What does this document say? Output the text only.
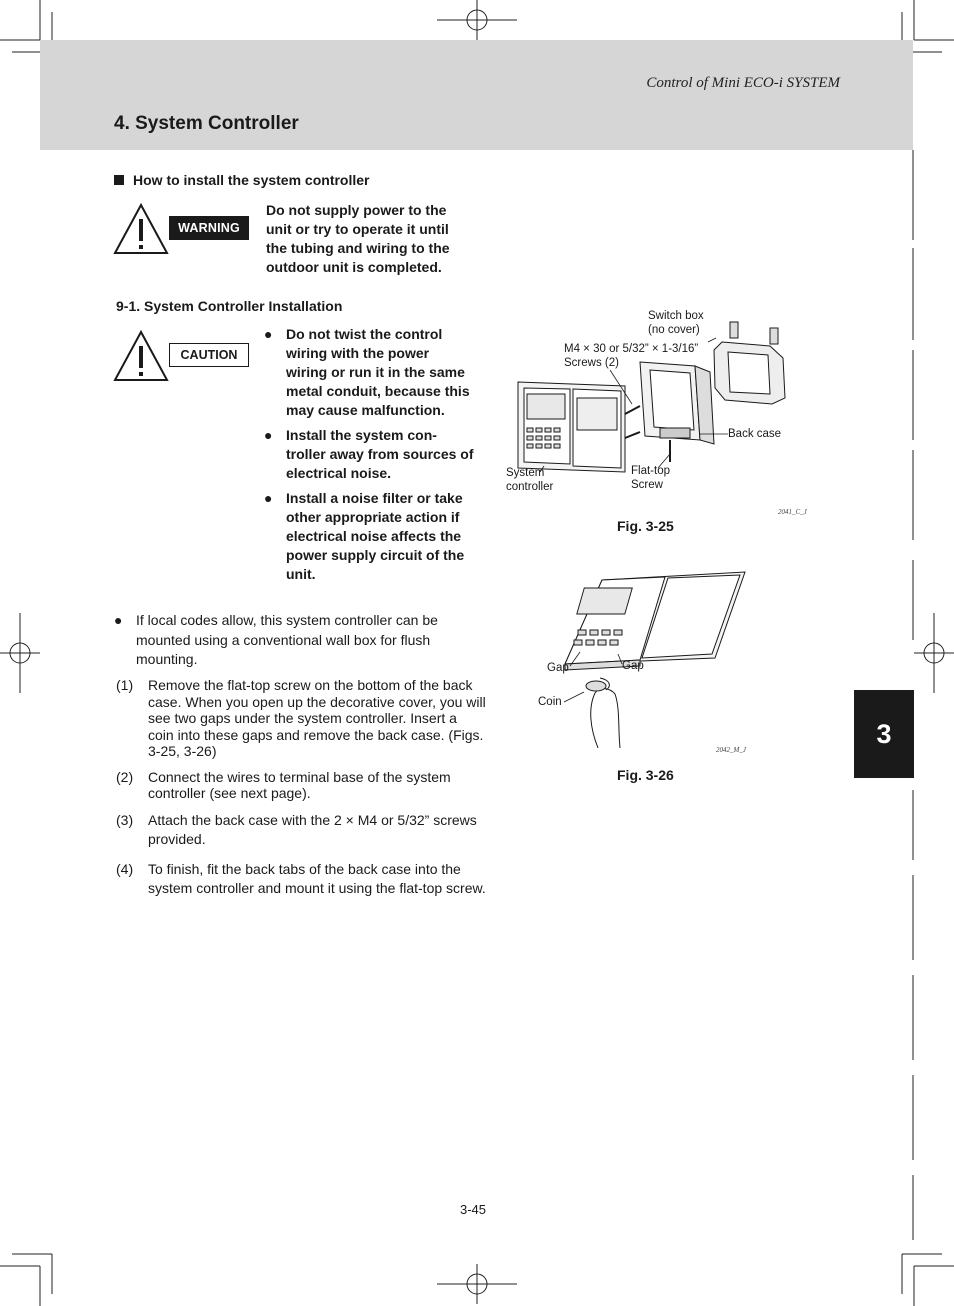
Control of Mini ECO-i SYSTEM
4. System Controller
How to install the system controller
WARNING
Do not supply power to the unit or try to operate it until the tubing and wiring to the outdoor unit is completed.
9-1. System Controller Installation
CAUTION
● Do not twist the control wiring with the power wiring or run it in the same metal conduit, because this may cause malfunction.
● Install the system con-troller away from sources of electrical noise.
● Install a noise filter or take other appropriate action if electrical noise affects the power supply circuit of the unit.
● If local codes allow, this system controller can be mounted using a conventional wall box for flush mounting.
(1) Remove the flat-top screw on the bottom of the back case. When you open up the decorative cover, you will see two gaps under the system controller. Insert a coin into these gaps and remove the back case. (Figs. 3-25, 3-26)
(2) Connect the wires to terminal base of the system controller (see next page).
(3) Attach the back case with the 2 × M4 or 5/32” screws provided.
(4) To finish, fit the back tabs of the back case into the system controller and mount it using the flat-top screw.
Switch box
(no cover)
M4 × 30 or 5/32” × 1-3/16”
Screws (2)
Back case
System
controller
Flat-top
Screw
2041_C_J
Fig. 3-25
Gap	Gap
Coin
2042_M_J
Fig. 3-26
3
3-45
